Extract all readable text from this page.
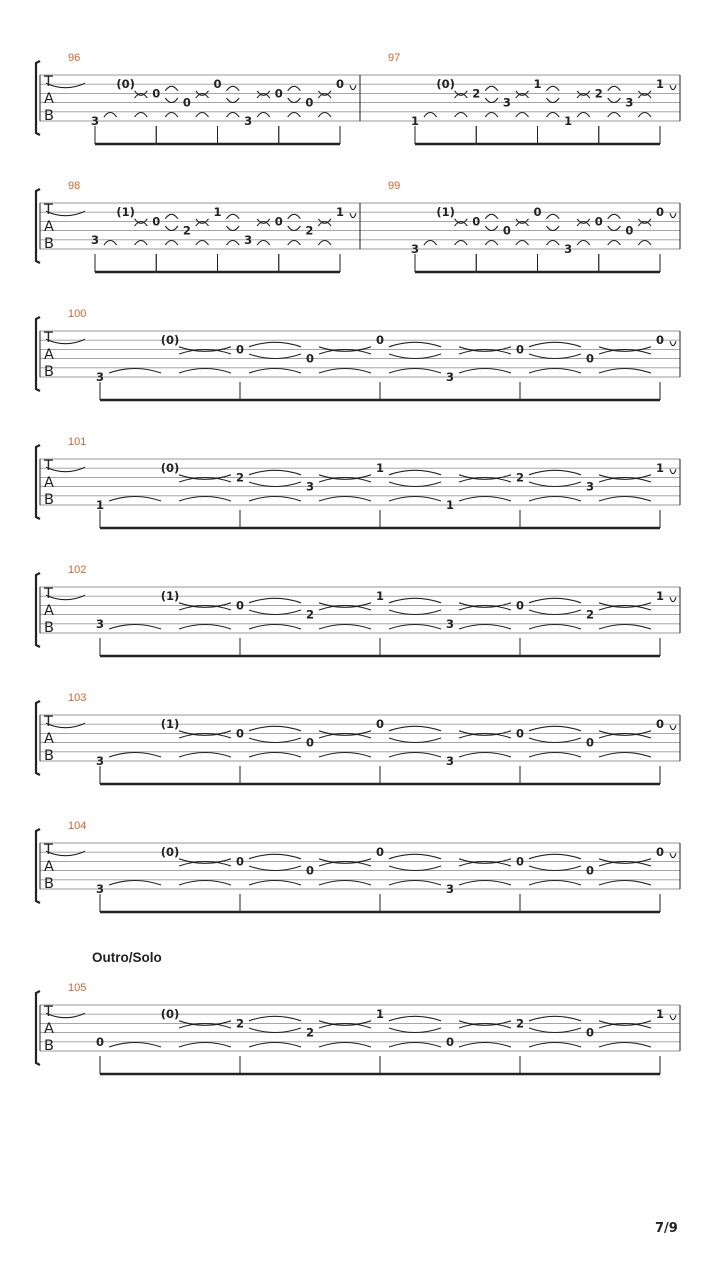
T
A
B	3
(0)
0
0
0
3
0
0
0
1
(0)
2
3
1
1
2
3
1
T
A
B	3
(1)
0
2
1
3
0
2
1
3
(1)
0
0
0
3
0
0
0
T
A
B	3
(0)
0
0
0
3
0
0
0
T
A
B	1
(0)
2
3
1
1
2
3
1
T
A
B	3
(1)
0
2
1
3
0
2
1
T
A
B	3
(1)
0
0
0
3
0
0
0
T
A
B	3
(0)
0
0
0
3
0
0
0
T
A
B	0
(0)
2
2
1
0
2
0
1
96	97
98	99
100
101
102
103
104
105
Outro/Solo
7/9
